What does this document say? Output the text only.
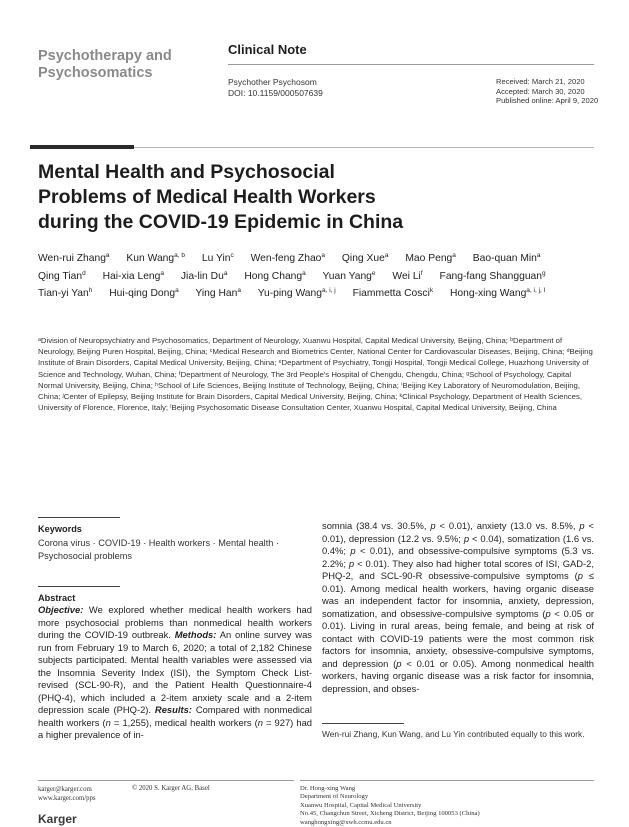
Psychotherapy and
Psychosomatics
Clinical Note
Psychother Psychosom
DOI: 10.1159/000507639
Received: March 21, 2020
Accepted: March 30, 2020
Published online: April 9, 2020
Mental Health and Psychosocial
Problems of Medical Health Workers
during the COVID-19 Epidemic in China
Wen-rui Zhang$^a$ Kun Wang$^{a, b}$ Lu Yin$^c$ Wen-feng Zhao$^a$ Qing Xue$^a$ Mao Peng$^a$ Bao-quan Min$^a$ Qing Tian$^d$ Hai-xia Leng$^a$ Jia-lin Du$^a$ Hong Chang$^a$ Yuan Yang$^e$ Wei Li$^f$ Fang-fang Shangguan$^g$ Tian-yi Yan$^h$ Hui-qing Dong$^a$ Ying Han$^a$ Yu-ping Wang$^{a, i, j}$ Fiammetta Cosci$^k$ Hong-xing Wang$^{a, i, j, l}$
ᵃDivision of Neuropsychiatry and Psychosomatics, Department of Neurology, Xuanwu Hospital, Capital Medical University, Beijing, China; ᵇDepartment of Neurology, Beijing Puren Hospital, Beijing, China; ᶜMedical Research and Biometrics Center, National Center for Cardiovascular Diseases, Beijing, China; ᵈBeijing Institute of Brain Disorders, Capital Medical University, Beijing, China; ᵉDepartment of Psychiatry, Tongji Hospital, Tongji Medical College, Huazhong University of Science and Technology, Wuhan, China; ᶠDepartment of Neurology, The 3rd People's Hospital of Chengdu, Chengdu, China; ᵍSchool of Psychology, Capital Normal University, Beijing, China; ʰSchool of Life Sciences, Beijing Institute of Technology, Beijing, China; ⁱBeijing Key Laboratory of Neuromodulation, Beijing, China; ʲCenter of Epilepsy, Beijing Institute for Brain Disorders, Capital Medical University, Beijing, China; ᵏClinical Psychology, Department of Health Sciences, University of Florence, Florence, Italy; ˡBeijing Psychosomatic Disease Consultation Center, Xuanwu Hospital, Capital Medical University, Beijing, China
Keywords
Corona virus · COVID-19 · Health workers · Mental health · Psychosocial problems
Abstract
Objective: We explored whether medical health workers had more psychosocial problems than nonmedical health workers during the COVID-19 outbreak. Methods: An online survey was run from February 19 to March 6, 2020; a total of 2,182 Chinese subjects participated. Mental health variables were assessed via the Insomnia Severity Index (ISI), the Symptom Check List-revised (SCL-90-R), and the Patient Health Questionnaire-4 (PHQ-4), which included a 2-item anxiety scale and a 2-item depression scale (PHQ-2). Results: Compared with nonmedical health workers (n = 1,255), medical health workers (n = 927) had a higher prevalence of in-
somnia (38.4 vs. 30.5%, p < 0.01), anxiety (13.0 vs. 8.5%, p < 0.01), depression (12.2 vs. 9.5%; p < 0.04), somatization (1.6 vs. 0.4%; p < 0.01), and obsessive-compulsive symptoms (5.3 vs. 2.2%; p < 0.01). They also had higher total scores of ISI, GAD-2, PHQ-2, and SCL-90-R obsessive-compulsive symptoms (p ≤ 0.01). Among medical health workers, having organic disease was an independent factor for insomnia, anxiety, depression, somatization, and obsessive-compulsive symptoms (p < 0.05 or 0.01). Living in rural areas, being female, and being at risk of contact with COVID-19 patients were the most common risk factors for insomnia, anxiety, obsessive-compulsive symptoms, and depression (p < 0.01 or 0.05). Among nonmedical health workers, having organic disease was a risk factor for insomnia, depression, and obses-
Wen-rui Zhang, Kun Wang, and Lu Yin contributed equally to this work.
karger@karger.com
www.karger.com/pps
© 2020 S. Karger AG, Basel
Karger
Dr. Hong-xing Wang
Department of Neurology
Xuanwu Hospital, Capital Medical University
No.45, Changchun Street, Xicheng District, Beijing 100053 (China)
wanghongxing@xwh.ccmu.edu.cn
